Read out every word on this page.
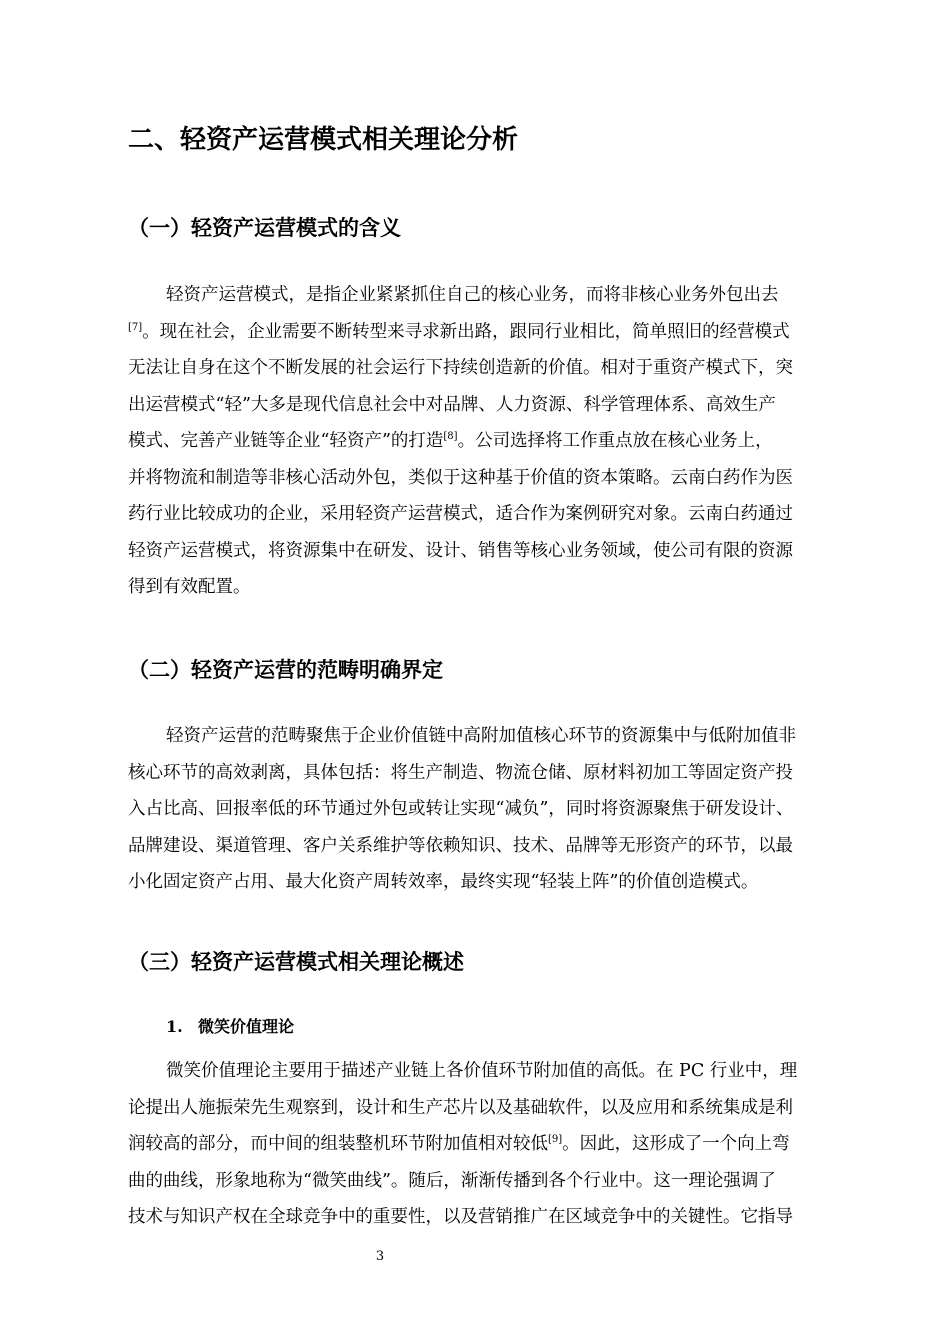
二、轻资产运营模式相关理论分析
（一）轻资产运营模式的含义
轻资产运营模式，是指企业紧紧抓住自己的核心业务，而将非核心业务外包出去
[7]。现在社会，企业需要不断转型来寻求新出路，跟同行业相比，简单照旧的经营模式
无法让自身在这个不断发展的社会运行下持续创造新的价值。相对于重资产模式下，突
出运营模式“轻”大多是现代信息社会中对品牌、人力资源、科学管理体系、高效生产
模式、完善产业链等企业“轻资产”的打造[8]。公司选择将工作重点放在核心业务上，
并将物流和制造等非核心活动外包，类似于这种基于价值的资本策略。云南白药作为医
药行业比较成功的企业，采用轻资产运营模式，适合作为案例研究对象。云南白药通过
轻资产运营模式，将资源集中在研发、设计、销售等核心业务领域，使公司有限的资源
得到有效配置。
（二）轻资产运营的范畴明确界定
轻资产运营的范畴聚焦于企业价值链中高附加值核心环节的资源集中与低附加值非
核心环节的高效剥离，具体包括：将生产制造、物流仓储、原材料初加工等固定资产投
入占比高、回报率低的环节通过外包或转让实现“减负”，同时将资源聚焦于研发设计、
品牌建设、渠道管理、客户关系维护等依赖知识、技术、品牌等无形资产的环节，以最
小化固定资产占用、最大化资产周转效率，最终实现“轻装上阵”的价值创造模式。
（三）轻资产运营模式相关理论概述
1. 微笑价值理论
微笑价值理论主要用于描述产业链上各价值环节附加值的高低。在 PC 行业中，理
论提出人施振荣先生观察到，设计和生产芯片以及基础软件，以及应用和系统集成是利
润较高的部分，而中间的组装整机环节附加值相对较低[9]。因此，这形成了一个向上弯
曲的曲线，形象地称为“微笑曲线”。随后，渐渐传播到各个行业中。这一理论强调了
技术与知识产权在全球竞争中的重要性，以及营销推广在区域竞争中的关键性。它指导
3
